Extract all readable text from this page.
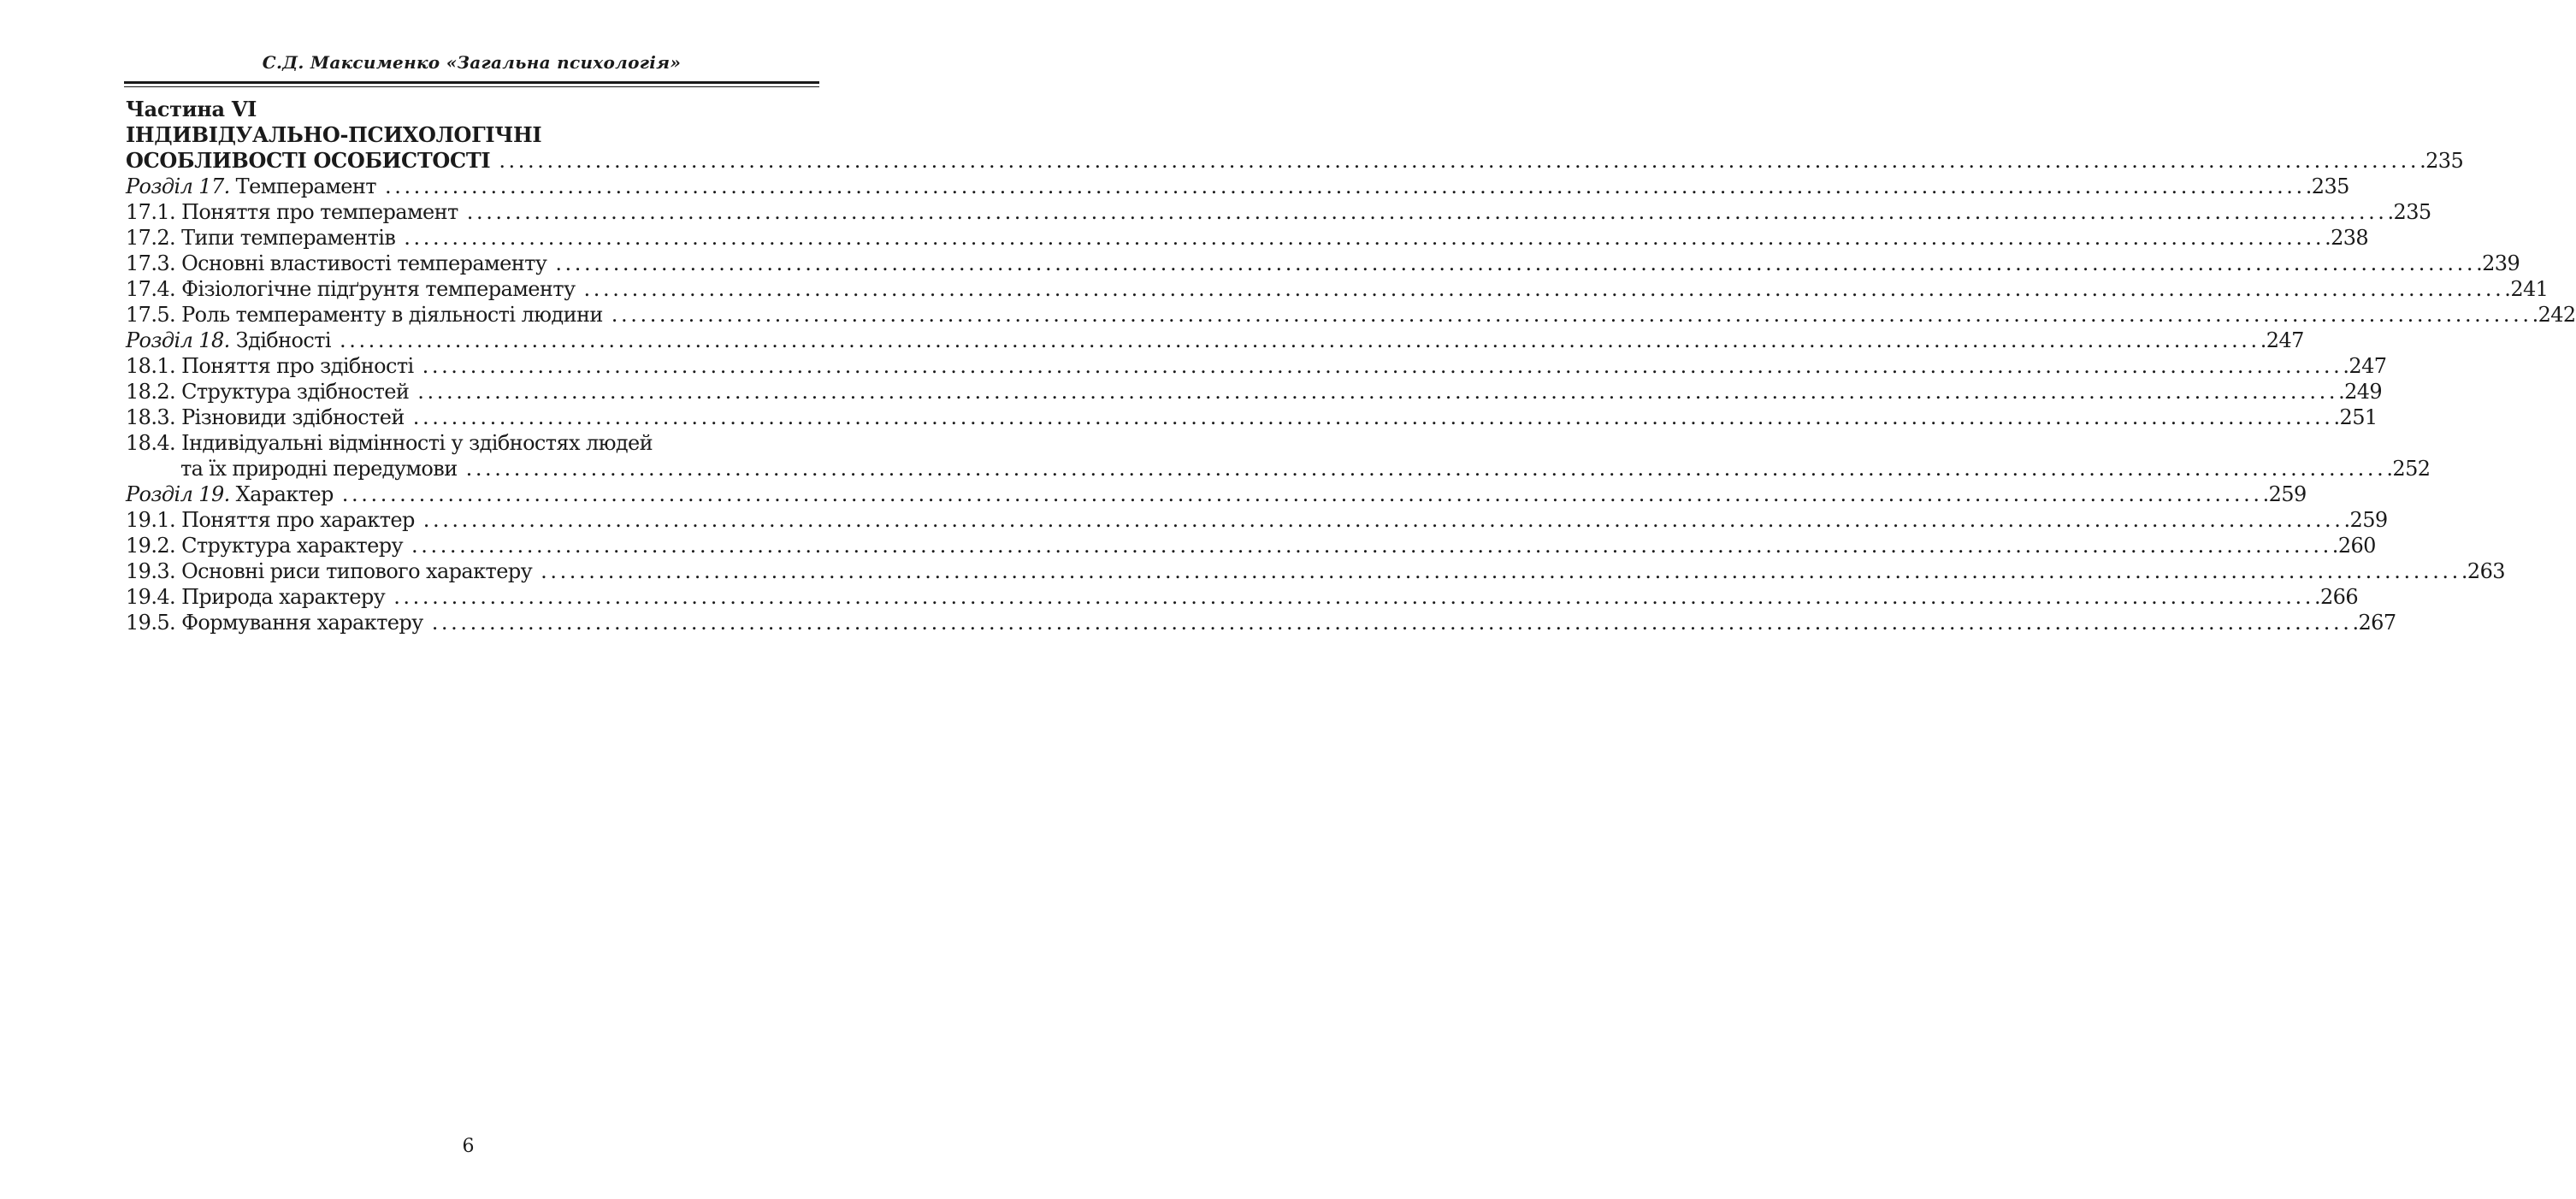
С.Д. Максименко «Загальна психологія»
Частина VI
ІНДИВІДУАЛЬНО-ПСИХОЛОГІЧНІ
ОСОБЛИВОСТІ ОСОБИСТОСТІ ........................................................................................................................................................................................................ .235
Розділ 17. Темперамент ........................................................................................................................................................................................................ .235
17.1. Поняття про темперамент ........................................................................................................................................................................................................ .235
17.2. Типи темпераментів ........................................................................................................................................................................................................ .238
17.3. Основні властивості темпераменту ........................................................................................................................................................................................................ .239
17.4. Фізіологічне підґрунтя темпераменту ........................................................................................................................................................................................................ .241
17.5. Роль темпераменту в діяльності людини ........................................................................................................................................................................................................ .242
Розділ 18. Здібності ........................................................................................................................................................................................................ .247
18.1. Поняття про здібності ........................................................................................................................................................................................................ .247
18.2. Структура здібностей ........................................................................................................................................................................................................ .249
18.3. Різновиди здібностей ........................................................................................................................................................................................................ .251
18.4. Індивідуальні відмінності у здібностях людей
та їх природні передумови ........................................................................................................................................................................................................ .252
Розділ 19. Характер ........................................................................................................................................................................................................ .259
19.1. Поняття про характер ........................................................................................................................................................................................................ .259
19.2. Структура характеру ........................................................................................................................................................................................................ .260
19.3. Основні риси типового характеру ........................................................................................................................................................................................................ .263
19.4. Природа характеру ........................................................................................................................................................................................................ .266
19.5. Формування характеру ........................................................................................................................................................................................................ .267
6
